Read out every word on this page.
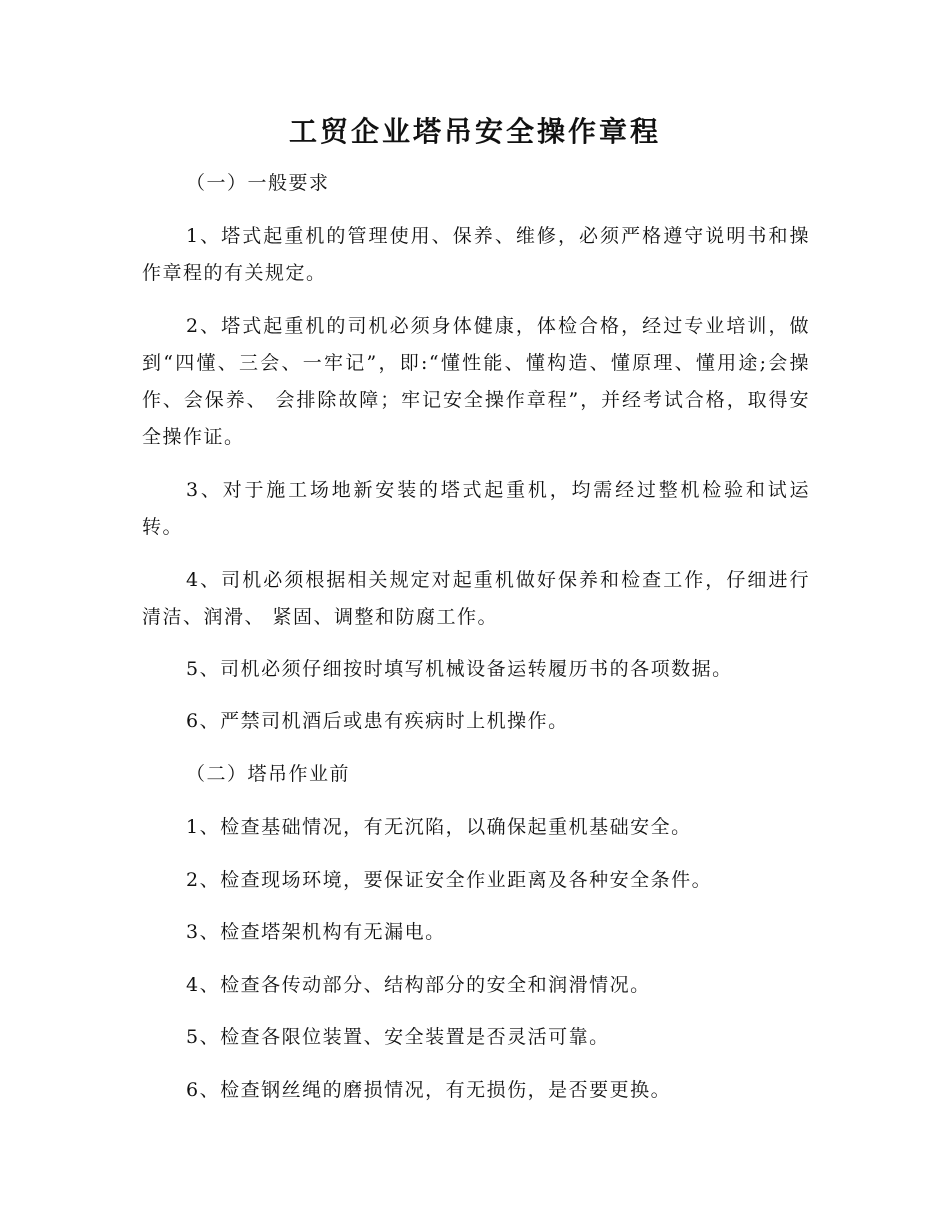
工贸企业塔吊安全操作章程

（一）一般要求

1、塔式起重机的管理使用、保养、维修，必须严格遵守说明书和操作章程的有关规定。

2、塔式起重机的司机必须身体健康，体检合格，经过专业培训，做到“四懂、三会、一牢记”，即:“懂性能、懂构造、懂原理、懂用途;会操作、会保养、 会排除故障；牢记安全操作章程”，并经考试合格，取得安全操作证。

3、对于施工场地新安装的塔式起重机，均需经过整机检验和试运转。

4、司机必须根据相关规定对起重机做好保养和检查工作，仔细进行清洁、润滑、 紧固、调整和防腐工作。

5、司机必须仔细按时填写机械设备运转履历书的各项数据。

6、严禁司机酒后或患有疾病时上机操作。

（二）塔吊作业前

1、检查基础情况，有无沉陷，以确保起重机基础安全。

2、检查现场环境，要保证安全作业距离及各种安全条件。

3、检查塔架机构有无漏电。

4、检查各传动部分、结构部分的安全和润滑情况。

5、检查各限位装置、安全装置是否灵活可靠。

6、检查钢丝绳的磨损情况，有无损伤，是否要更换。
